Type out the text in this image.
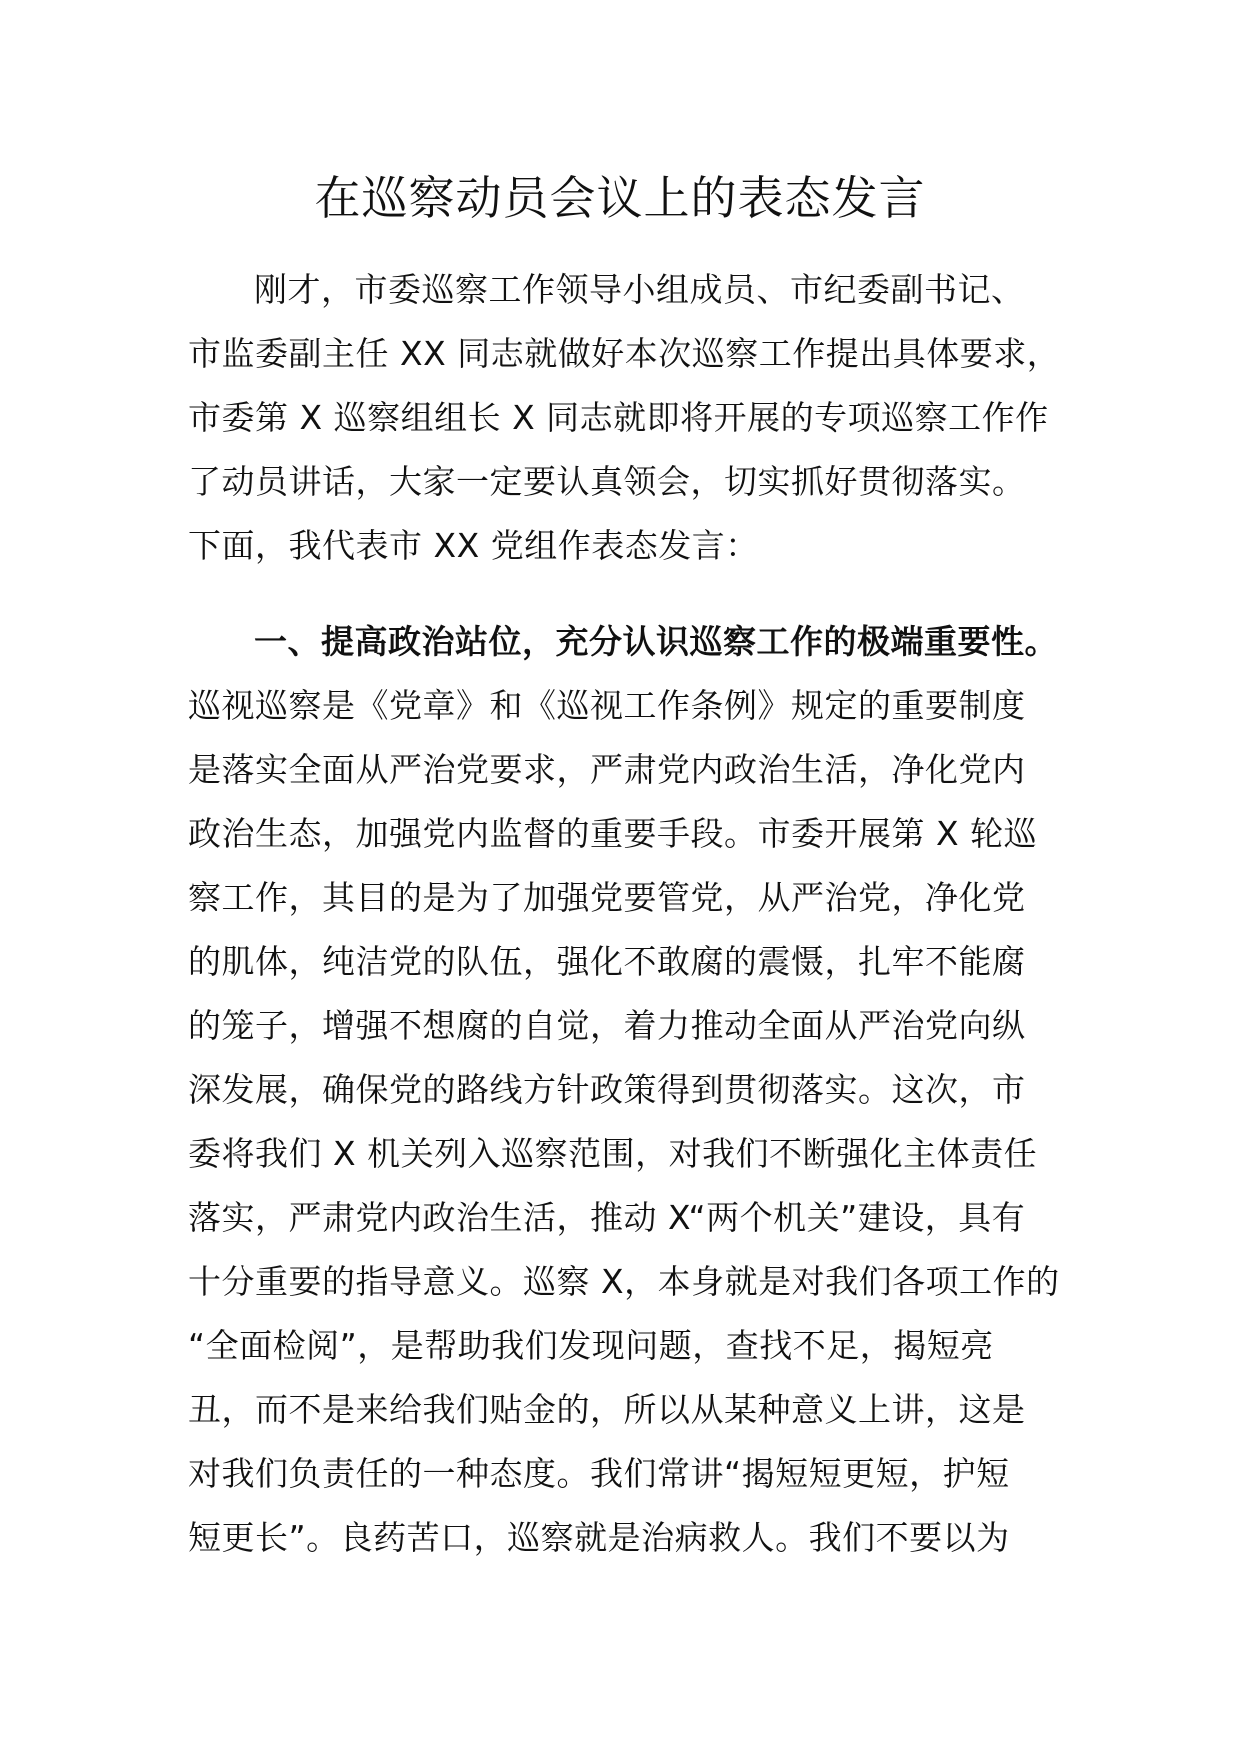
在巡察动员会议上的表态发言
刚才，市委巡察工作领导小组成员、市纪委副书记、
市监委副主任 XX 同志就做好本次巡察工作提出具体要求，
市委第 X 巡察组组长 X 同志就即将开展的专项巡察工作作
了动员讲话，大家一定要认真领会，切实抓好贯彻落实。
下面，我代表市 XX 党组作表态发言：
一、提高政治站位，充分认识巡察工作的极端重要性。
巡视巡察是《党章》和《巡视工作条例》规定的重要制度
是落实全面从严治党要求，严肃党内政治生活，净化党内
政治生态，加强党内监督的重要手段。市委开展第 X 轮巡
察工作，其目的是为了加强党要管党，从严治党，净化党
的肌体，纯洁党的队伍，强化不敢腐的震慑，扎牢不能腐
的笼子，增强不想腐的自觉，着力推动全面从严治党向纵
深发展，确保党的路线方针政策得到贯彻落实。这次，市
委将我们 X 机关列入巡察范围，对我们不断强化主体责任
落实，严肃党内政治生活，推动 X“两个机关”建设，具有
十分重要的指导意义。巡察 X，本身就是对我们各项工作的
“全面检阅”，是帮助我们发现问题，查找不足，揭短亮
丑，而不是来给我们贴金的，所以从某种意义上讲，这是
对我们负责任的一种态度。我们常讲“揭短短更短，护短
短更长”。良药苦口，巡察就是治病救人。我们不要以为
